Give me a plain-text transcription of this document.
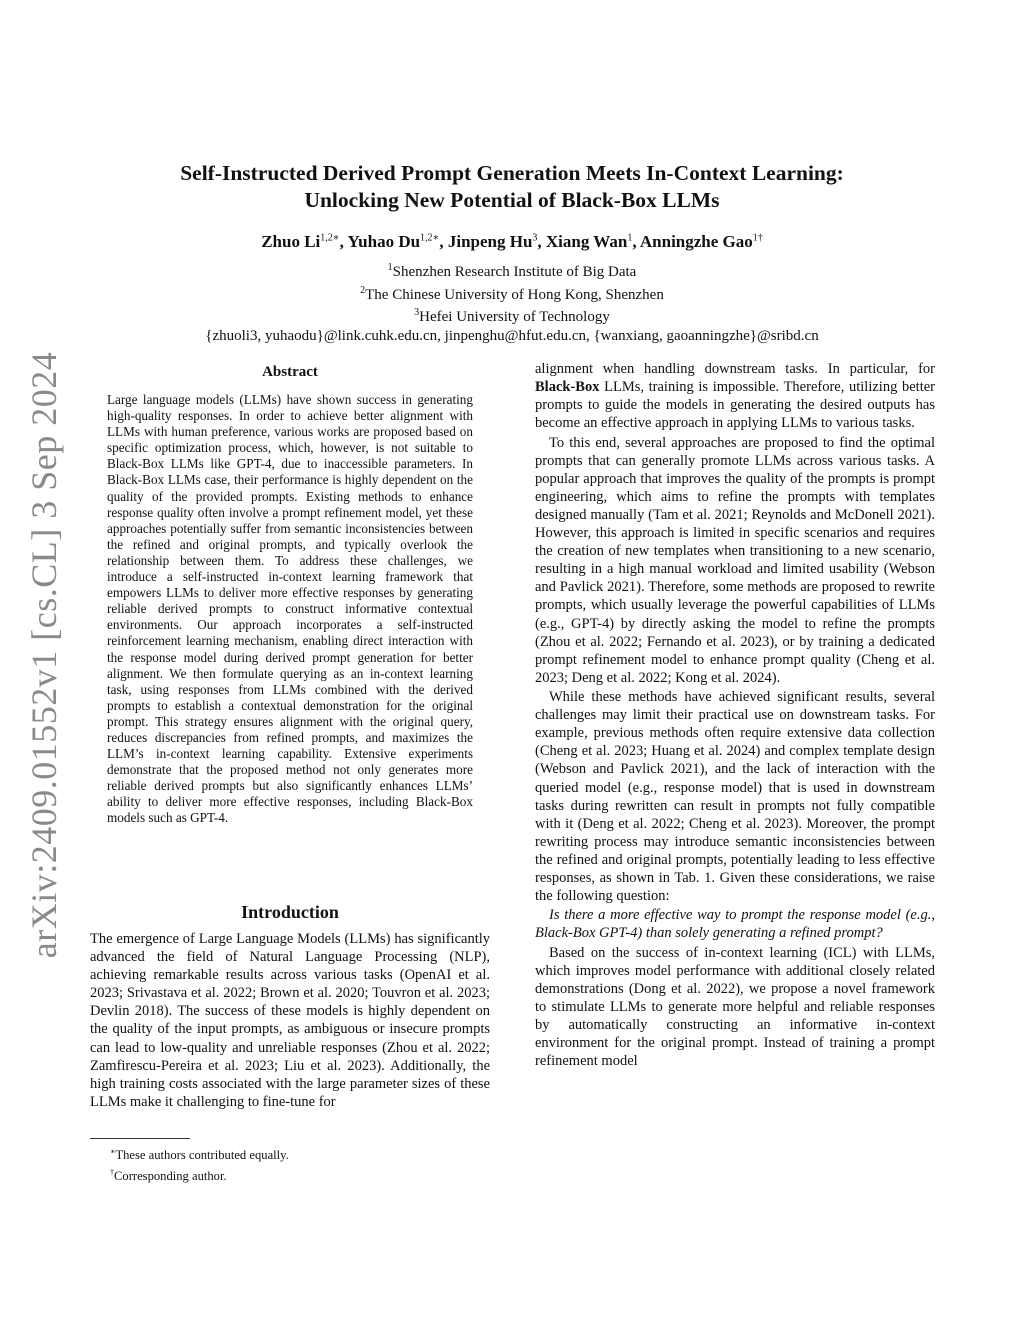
arXiv:2409.01552v1 [cs.CL] 3 Sep 2024
Self-Instructed Derived Prompt Generation Meets In-Context Learning:
Unlocking New Potential of Black-Box LLMs
Zhuo $Li^{1,2∗}$, Yuhao $Du^{1,2∗}$, Jinpeng Hu$^3$, Xiang Wan$^1$, Anningzhe Gao$^{1\dagger}$
$^1$Shenzhen Research Institute of Big Data
$^2$The Chinese University of Hong Kong, Shenzhen
$^3$Hefei University of Technology
{zhuoli3, yuhaodu}@link.cuhk.edu.cn, jinpenghu@hfut.edu.cn, {wanxiang, gaoanningzhe}@sribd.cn
Abstract
Large language models (LLMs) have shown success in generating high-quality responses. In order to achieve better alignment with LLMs with human preference, various works are proposed based on specific optimization process, which, however, is not suitable to Black-Box LLMs like GPT-4, due to inaccessible parameters. In Black-Box LLMs case, their performance is highly dependent on the quality of the provided prompts. Existing methods to enhance response quality often involve a prompt refinement model, yet these approaches potentially suffer from semantic inconsistencies between the refined and original prompts, and typically overlook the relationship between them. To address these challenges, we introduce a self-instructed in-context learning framework that empowers LLMs to deliver more effective responses by generating reliable derived prompts to construct informative contextual environments. Our approach incorporates a self-instructed reinforcement learning mechanism, enabling direct interaction with the response model during derived prompt generation for better alignment. We then formulate querying as an in-context learning task, using responses from LLMs combined with the derived prompts to establish a contextual demonstration for the original prompt. This strategy ensures alignment with the original query, reduces discrepancies from refined prompts, and maximizes the LLM’s in-context learning capability. Extensive experiments demonstrate that the proposed method not only generates more reliable derived prompts but also significantly enhances LLMs’ ability to deliver more effective responses, including Black-Box models such as GPT-4.
Introduction
The emergence of Large Language Models (LLMs) has significantly advanced the field of Natural Language Processing (NLP), achieving remarkable results across various tasks (OpenAI et al. 2023; Srivastava et al. 2022; Brown et al. 2020; Touvron et al. 2023; Devlin 2018). The success of these models is highly dependent on the quality of the input prompts, as ambiguous or insecure prompts can lead to low-quality and unreliable responses (Zhou et al. 2022; Zamfirescu-Pereira et al. 2023; Liu et al. 2023). Additionally, the high training costs associated with the large parameter sizes of these LLMs make it challenging to fine-tune for
∗These authors contributed equally.
†Corresponding author.

alignment when handling downstream tasks. In particular, for Black-Box LLMs, training is impossible. Therefore, utilizing better prompts to guide the models in generating the desired outputs has become an effective approach in applying LLMs to various tasks.

To this end, several approaches are proposed to find the optimal prompts that can generally promote LLMs across various tasks. A popular approach that improves the quality of the prompts is prompt engineering, which aims to refine the prompts with templates designed manually (Tam et al. 2021; Reynolds and McDonell 2021). However, this approach is limited in specific scenarios and requires the creation of new templates when transitioning to a new scenario, resulting in a high manual workload and limited usability (Webson and Pavlick 2021). Therefore, some methods are proposed to rewrite prompts, which usually leverage the powerful capabilities of LLMs (e.g., GPT-4) by directly asking the model to refine the prompts (Zhou et al. 2022; Fernando et al. 2023), or by training a dedicated prompt refinement model to enhance prompt quality (Cheng et al. 2023; Deng et al. 2022; Kong et al. 2024).

While these methods have achieved significant results, several challenges may limit their practical use on downstream tasks. For example, previous methods often require extensive data collection (Cheng et al. 2023; Huang et al. 2024) and complex template design (Webson and Pavlick 2021), and the lack of interaction with the queried model (e.g., response model) that is used in downstream tasks during rewritten can result in prompts not fully compatible with it (Deng et al. 2022; Cheng et al. 2023). Moreover, the prompt rewriting process may introduce semantic inconsistencies between the refined and original prompts, potentially leading to less effective responses, as shown in Tab. 1. Given these considerations, we raise the following question:

Is there a more effective way to prompt the response model (e.g., Black-Box GPT-4) than solely generating a refined prompt?

Based on the success of in-context learning (ICL) with LLMs, which improves model performance with additional closely related demonstrations (Dong et al. 2022), we propose a novel framework to stimulate LLMs to generate more helpful and reliable responses by automatically constructing an informative in-context environment for the original prompt. Instead of training a prompt refinement model
